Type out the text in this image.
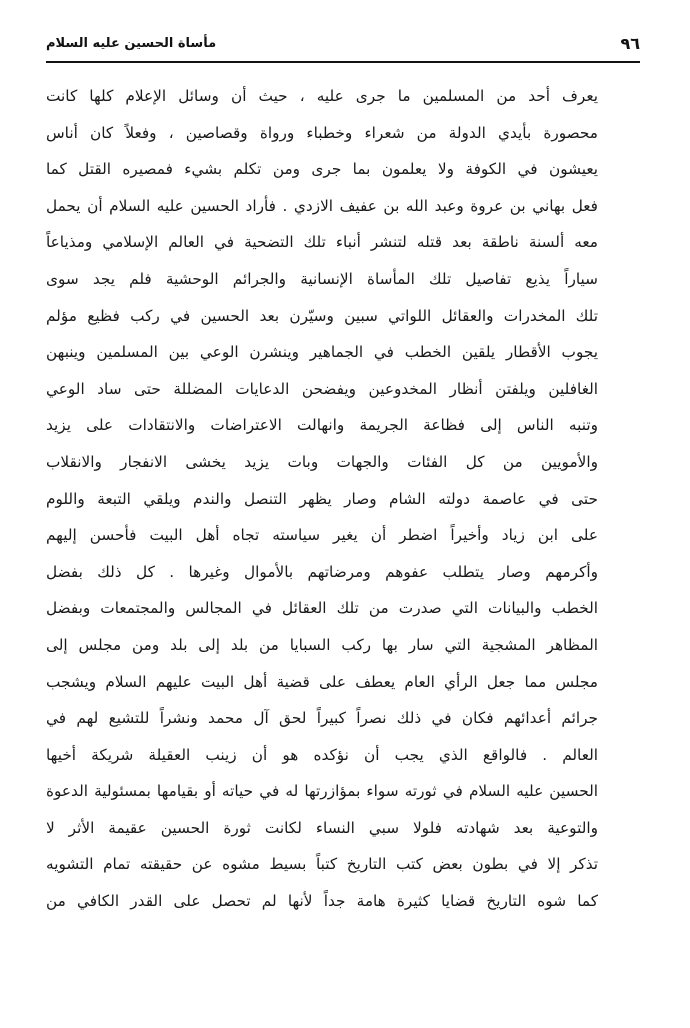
٩٦
مأساة الحسين عليه السلام
يعرف أحد من المسلمين ما جرى عليه ، حيث أن وسائل الإعلام كلها كانت
محصورة بأيدي الدولة من شعراء وخطباء ورواة وقصاصين ، وفعلاً كان أناس
يعيشون في الكوفة ولا يعلمون بما جرى ومن تكلم بشيء فمصيره القتل كما
فعل بهاني بن عروة وعبد الله بن عفيف الازدي . فأراد الحسين عليه السلام أن يحمل
معه ألسنة ناطقة بعد قتله لتنشر أنباء تلك التضحية في العالم الإسلامي ومذياعاً
سياراً يذيع تفاصيل تلك المأساة الإنسانية والجرائم الوحشية فلم يجد سوى
تلك المخدرات والعقائل اللواتي سبين وسيّرن بعد الحسين في ركب فظيع مؤلم
يجوب الأقطار يلقين الخطب في الجماهير وينشرن الوعي بين المسلمين وينبهن
الغافلين ويلفتن أنظار المخدوعين ويفضحن الدعايات المضللة حتى ساد الوعي
وتنبه الناس إلى فظاعة الجريمة وانهالت الاعتراضات والانتقادات على يزيد
والأمويين من كل الفئات والجهات وبات يزيد يخشى الانفجار والانقلاب
حتى في عاصمة دولته الشام وصار يظهر التنصل والندم ويلقي التبعة واللوم
على ابن زياد وأخيراً اضطر أن يغير سياسته تجاه أهل البيت فأحسن إليهم
وأكرمهم وصار يتطلب عفوهم ومرضاتهم بالأموال وغيرها . كل ذلك بفضل
الخطب والبيانات التي صدرت من تلك العقائل في المجالس والمجتمعات وبفضل
المظاهر المشجية التي سار بها ركب السبايا من بلد إلى بلد ومن مجلس إلى
مجلس مما جعل الرأي العام يعطف على قضية أهل البيت عليهم السلام ويشجب
جرائم أعدائهم فكان في ذلك نصراً كبيراً لحق آل محمد ونشراً للتشيع لهم في
العالم . فالواقع الذي يجب أن نؤكده هو أن زينب العقيلة شريكة أخيها
الحسين عليه السلام في ثورته سواء بمؤازرتها له في حياته أو بقيامها بمسئولية الدعوة
والتوعية بعد شهادته فلولا سبي النساء لكانت ثورة الحسين عقيمة الأثر لا
تذكر إلا في بطون بعض كتب التاريخ كتباً بسيط مشوه عن حقيقته تمام التشويه
كما شوه التاريخ قضايا كثيرة هامة جداً لأنها لم تحصل على القدر الكافي من
